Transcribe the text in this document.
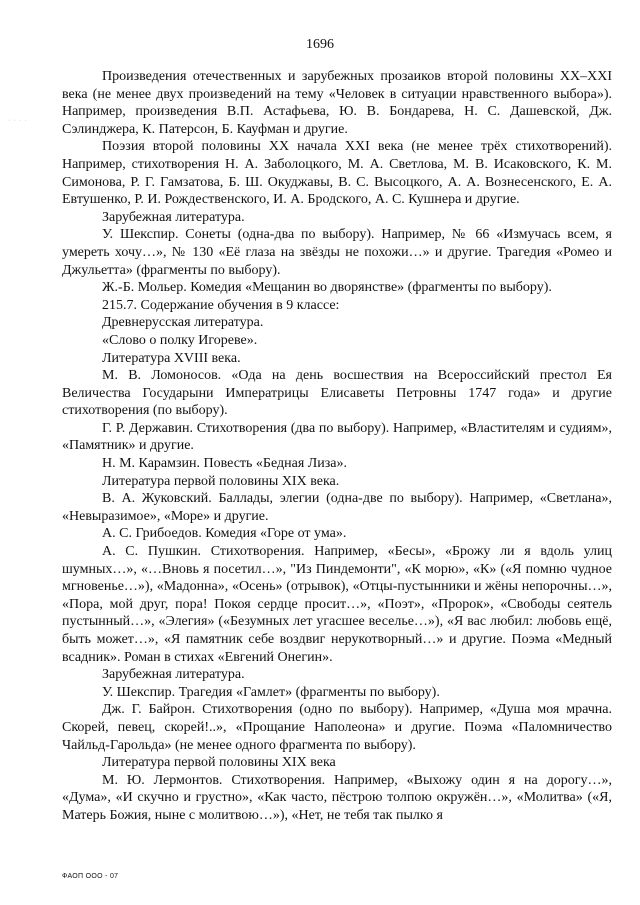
· · · ·
1696

Произведения отечественных и зарубежных прозаиков второй половины XX–XXI века (не менее двух произведений на тему «Человек в ситуации нравственного выбора»). Например, произведения В.П. Астафьева, Ю. В. Бондарева, Н. С. Дашевской, Дж. Сэлинджера, К. Патерсон, Б. Кауфман и другие.

Поэзия второй половины XX начала XXI века (не менее трёх стихотворений). Например, стихотворения Н. А. Заболоцкого, М. А. Светлова, М. В. Исаковского, К. М. Симонова, Р. Г. Гамзатова, Б. Ш. Окуджавы, В. С. Высоцкого, А. А. Вознесенского, Е. А. Евтушенко, Р. И. Рождественского, И. А. Бродского, А. С. Кушнера и другие.

Зарубежная литература.

У. Шекспир. Сонеты (одна-два по выбору). Например, № 66 «Измучась всем, я умереть хочу…», № 130 «Её глаза на звёзды не похожи…» и другие. Трагедия «Ромео и Джульетта» (фрагменты по выбору).

Ж.-Б. Мольер. Комедия «Мещанин во дворянстве» (фрагменты по выбору).

215.7. Содержание обучения в 9 классе:

Древнерусская литература.

«Слово о полку Игореве».

Литература XVIII века.

М. В. Ломоносов. «Ода на день восшествия на Всероссийский престол Ея Величества Государыни Императрицы Елисаветы Петровны 1747 года» и другие стихотворения (по выбору).

Г. Р. Державин. Стихотворения (два по выбору). Например, «Властителям и судиям», «Памятник» и другие.

Н. М. Карамзин. Повесть «Бедная Лиза».

Литература первой половины XIX века.

В. А. Жуковский. Баллады, элегии (одна-две по выбору). Например, «Светлана», «Невыразимое», «Море» и другие.

А. С. Грибоедов. Комедия «Горе от ума».

А. С. Пушкин. Стихотворения. Например, «Бесы», «Брожу ли я вдоль улиц шумных…», «…Вновь я посетил…», "Из Пиндемонти", «К морю», «К» («Я помню чудное мгновенье…»), «Мадонна», «Осень» (отрывок), «Отцы-пустынники и жёны непорочны…», «Пора, мой друг, пора! Покоя сердце просит…», «Поэт», «Пророк», «Свободы сеятель пустынный…», «Элегия» («Безумных лет угасшее веселье…»), «Я вас любил: любовь ещё, быть может…», «Я памятник себе воздвиг нерукотворный…» и другие. Поэма «Медный всадник». Роман в стихах «Евгений Онегин».

Зарубежная литература.

У. Шекспир. Трагедия «Гамлет» (фрагменты по выбору).

Дж. Г. Байрон. Стихотворения (одно по выбору). Например, «Душа моя мрачна. Скорей, певец, скорей!..», «Прощание Наполеона» и другие. Поэма «Паломничество Чайльд-Гарольда» (не менее одного фрагмента по выбору).

Литература первой половины XIX века

М. Ю. Лермонтов. Стихотворения. Например, «Выхожу один я на дорогу…», «Дума», «И скучно и грустно», «Как часто, пёстрою толпою окружён…», «Молитва» («Я, Матерь Божия, ныне с молитвою…»), «Нет, не тебя так пылко я

ФАОП ООО - 07
